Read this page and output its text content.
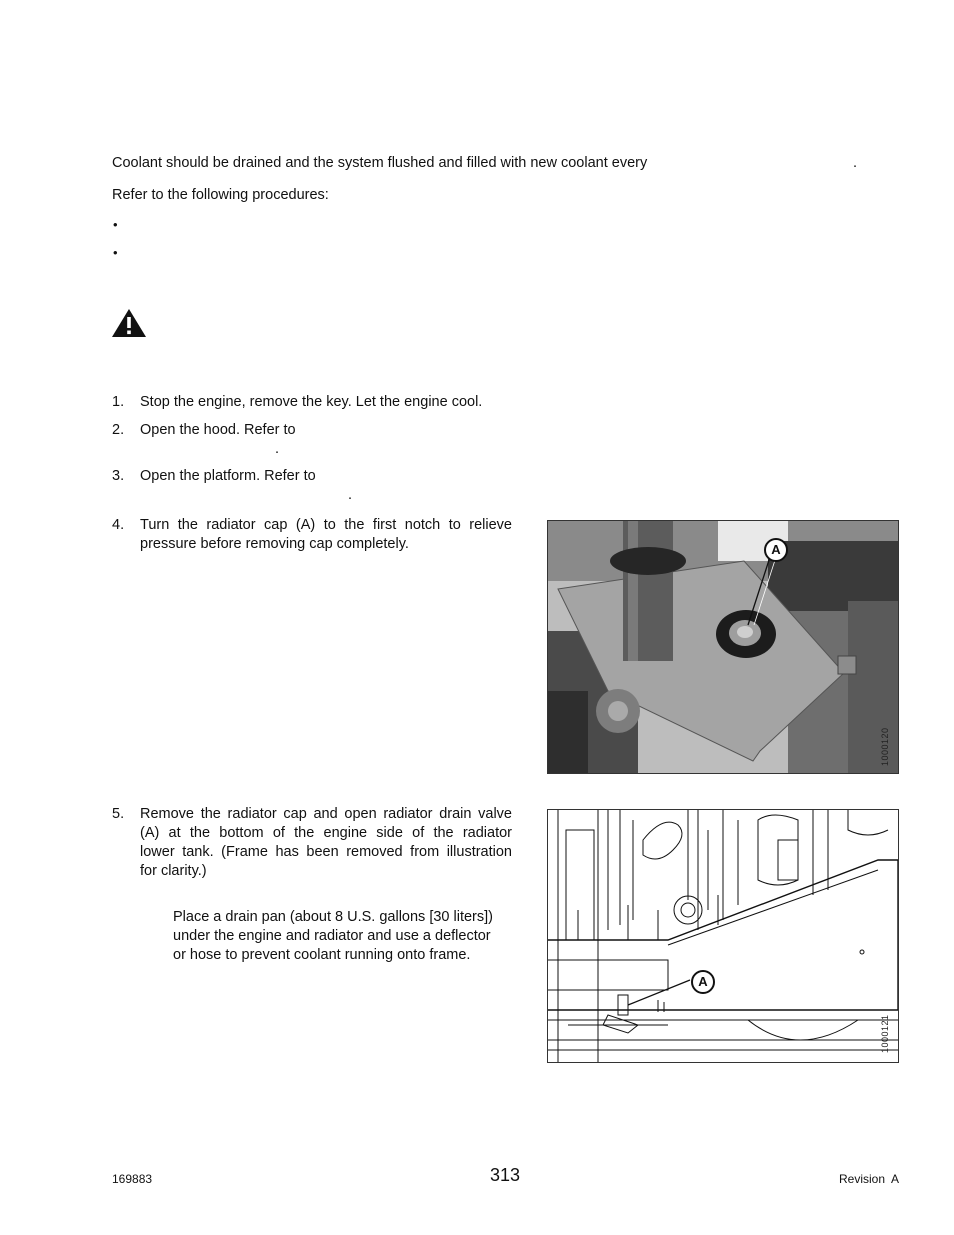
Coolant should be drained and the system flushed and filled with new coolant every	.
Refer to the following procedures:
•
•
1. Stop the engine, remove the key. Let the engine cool.
2. Open the hood. Refer to
.
3. Open the platform. Refer to
.
4. Turn the radiator cap (A) to the first notch to relieve
pressure before removing cap completely.	A
1000120
5. Remove the radiator cap and open radiator drain valve
(A) at the bottom of the engine side of the radiator
lower tank. (Frame has been removed from illustration
for clarity.)
Place a drain pan (about 8 U.S. gallons [30 liters])
under the engine and radiator and use a deflector
or hose to prevent coolant running onto frame.
A
1000121
169883	313	Revision  A
